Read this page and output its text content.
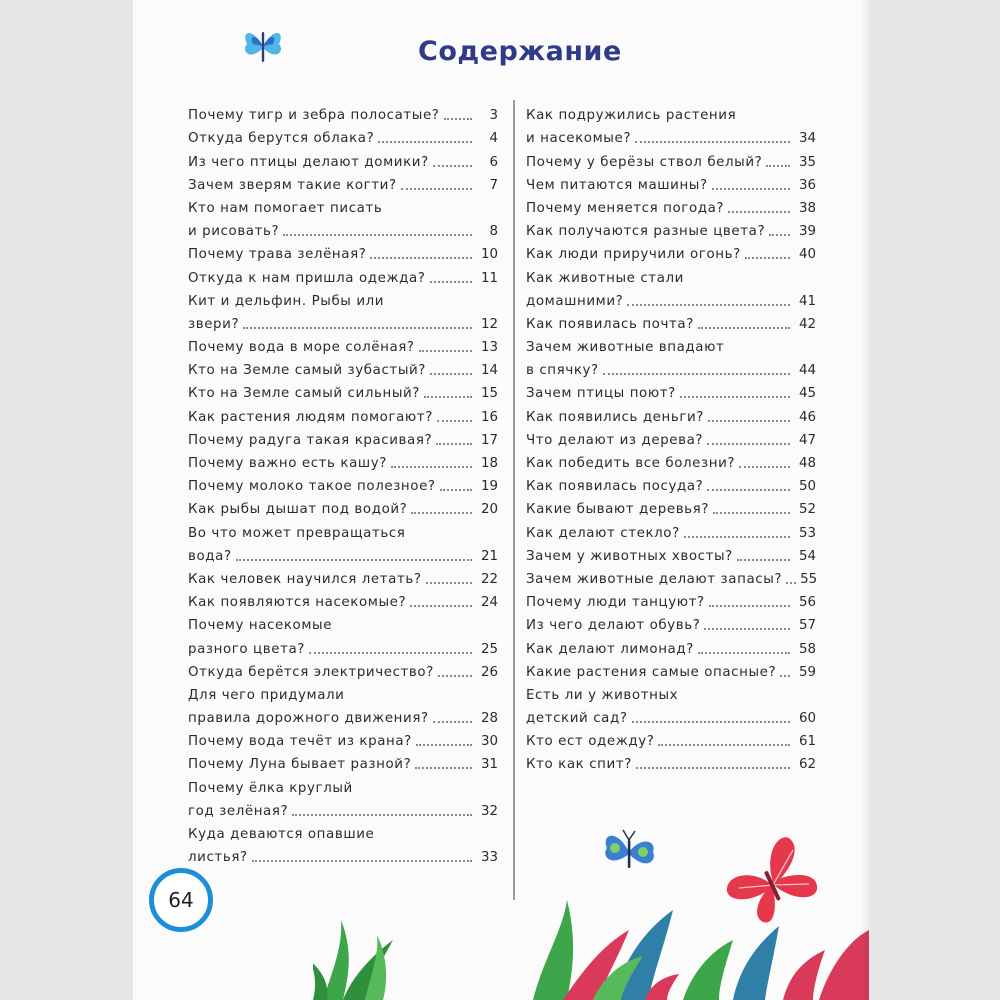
Содержание
Почему тигр и зебра полосатые?	3
Откуда берутся облака?	4
Из чего птицы делают домики?	6
Зачем зверям такие когти?	7
Кто нам помогает писать
и рисовать?	8
Почему трава зелёная?	10
Откуда к нам пришла одежда?	11
Кит и дельфин. Рыбы или
звери?	12
Почему вода в море солёная?	13
Кто на Земле самый зубастый?	14
Кто на Земле самый сильный?	15
Как растения людям помогают?	16
Почему радуга такая красивая?	17
Почему важно есть кашу?	18
Почему молоко такое полезное?	19
Как рыбы дышат под водой?	20
Во что может превращаться
вода?	21
Как человек научился летать?	22
Как появляются насекомые?	24
Почему насекомые
разного цвета?	25
Откуда берётся электричество?	26
Для чего придумали
правила дорожного движения?	28
Почему вода течёт из крана?	30
Почему Луна бывает разной?	31
Почему ёлка круглый
год зелёная?	32
Куда деваются опавшие
листья?	33
Как подружились растения
и насекомые?	34
Почему у берёзы ствол белый?	35
Чем питаются машины?	36
Почему меняется погода?	38
Как получаются разные цвета?	39
Как люди приручили огонь?	40
Как животные стали
домашними?	41
Как появилась почта?	42
Зачем животные впадают
в спячку?	44
Зачем птицы поют?	45
Как появились деньги?	46
Что делают из дерева?	47
Как победить все болезни?	48
Как появилась посуда?	50
Какие бывают деревья?	52
Как делают стекло?	53
Зачем у животных хвосты?	54
Зачем животные делают запасы? 55
Почему люди танцуют?	56
Из чего делают обувь?	57
Как делают лимонад?	58
Какие растения самые опасные?	59
Есть ли у животных
детский сад?	60
Кто ест одежду?	61
Кто как спит?	62
64
